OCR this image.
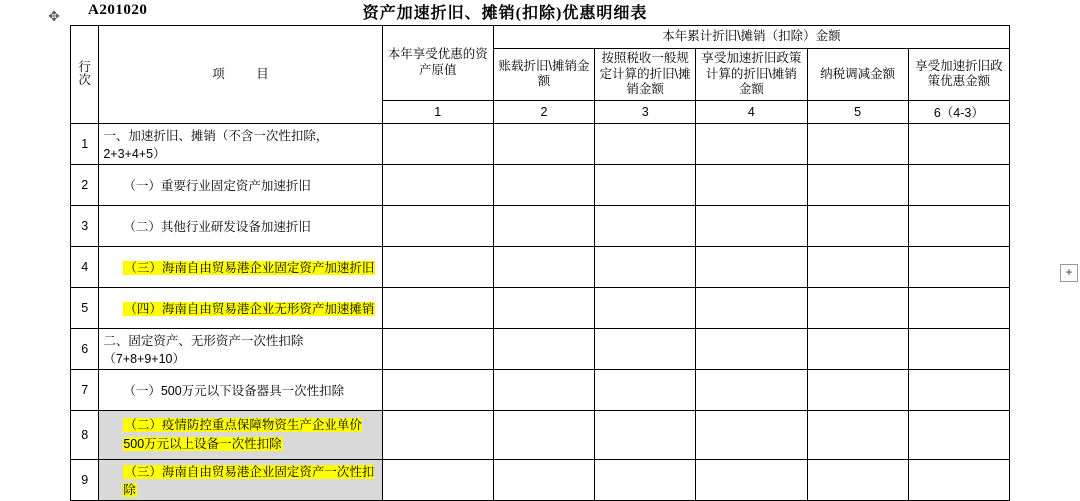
✥ A201020	资产加速折旧、摊销(扣除)优惠明细表
行次	项 目	本年享受优惠的资产原值	本年累计折旧\摊销（扣除）金额				
			账载折旧\摊销金额	按照税收一般规定计算的折旧\摊销金额	享受加速折旧政策计算的折旧\摊销金额	纳税调减金额	享受加速折旧政策优惠金额
		1	2	3	4	5	6（4-3）
1	一、加速折旧、摊销（不含一次性扣除，2+3+4+5）						
2	（一）重要行业固定资产加速折旧						
3	（二）其他行业研发设备加速折旧						
4	（三）海南自由贸易港企业固定资产加速折旧						
5	（四）海南自由贸易港企业无形资产加速摊销						
6	二、固定资产、无形资产一次性扣除（7+8+9+10）						
7	（一）500万元以下设备器具一次性扣除						
8	（二）疫情防控重点保障物资生产企业单价500万元以上设备一次性扣除						
9	（三）海南自由贸易港企业固定资产一次性扣除						
+
